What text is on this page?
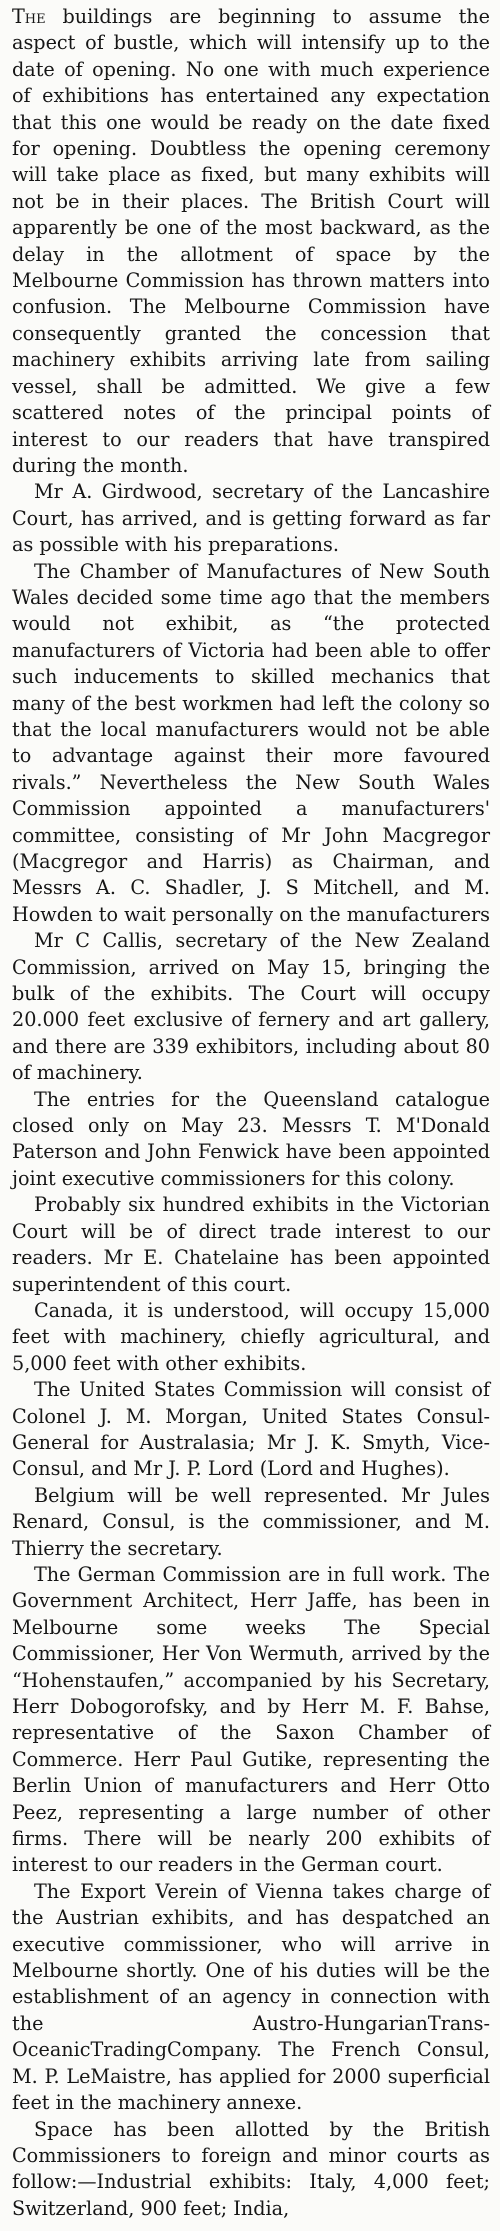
The buildings are beginning to assume the aspect of bustle, which will intensify up to the date of opening. No one with much experience of exhibitions has entertained any expectation that this one would be ready on the date fixed for opening. Doubtless the opening ceremony will take place as fixed, but many exhibits will not be in their places. The British Court will apparently be one of the most backward, as the delay in the allotment of space by the Melbourne Commission has thrown matters into confusion. The Melbourne Commission have consequently granted the concession that machinery exhibits arriving late from sailing vessel, shall be admitted. We give a few scattered notes of the principal points of interest to our readers that have transpired during the month.

Mr A. Girdwood, secretary of the Lancashire Court, has arrived, and is getting forward as far as possible with his preparations.

The Chamber of Manufactures of New South Wales decided some time ago that the members would not exhibit, as “the protected manufacturers of Victoria had been able to offer such inducements to skilled mechanics that many of the best workmen had left the colony so that the local manufacturers would not be able to advantage against their more favoured rivals.” Nevertheless the New South Wales Commission appointed a manufacturers' committee, consisting of Mr John Macgregor (Macgregor and Harris) as Chairman, and Messrs A. C. Shadler, J. S Mitchell, and M. Howden to wait personally on the manufacturers

Mr C Callis, secretary of the New Zealand Commission, arrived on May 15, bringing the bulk of the exhibits. The Court will occupy 20.000 feet exclusive of fernery and art gallery, and there are 339 exhibitors, including about 80 of machinery.

The entries for the Queensland catalogue closed only on May 23. Messrs T. M'Donald Paterson and John Fenwick have been appointed joint executive commissioners for this colony.

Probably six hundred exhibits in the Victorian Court will be of direct trade interest to our readers. Mr E. Chatelaine has been appointed superintendent of this court.

Canada, it is understood, will occupy 15,000 feet with machinery, chiefly agricultural, and 5,000 feet with other exhibits.

The United States Commission will consist of Colonel J. M. Morgan, United States Consul-General for Australasia; Mr J. K. Smyth, Vice-Consul, and Mr J. P. Lord (Lord and Hughes).

Belgium will be well represented. Mr Jules Renard, Consul, is the commissioner, and M. Thierry the secretary.

The German Commission are in full work. The Government Architect, Herr Jaffe, has been in Melbourne some weeks The Special Commissioner, Her Von Wermuth, arrived by the “Hohenstaufen,” accompanied by his Secretary, Herr Dobogorofsky, and by Herr M. F. Bahse, representative of the Saxon Chamber of Commerce. Herr Paul Gutike, representing the Berlin Union of manufacturers and Herr Otto Peez, representing a large number of other firms. There will be nearly 200 exhibits of interest to our readers in the German court.

The Export Verein of Vienna takes charge of the Austrian exhibits, and has despatched an executive commissioner, who will arrive in Melbourne shortly. One of his duties will be the establishment of an agency in connection with the Austro-HungarianTrans-OceanicTradingCompany. The French Consul, M. P. LeMaistre, has applied for 2000 superficial feet in the machinery annexe.

Space has been allotted by the British Commissioners to foreign and minor courts as follow:—Industrial exhibits: Italy, 4,000 feet; Switzerland, 900 feet; India,
